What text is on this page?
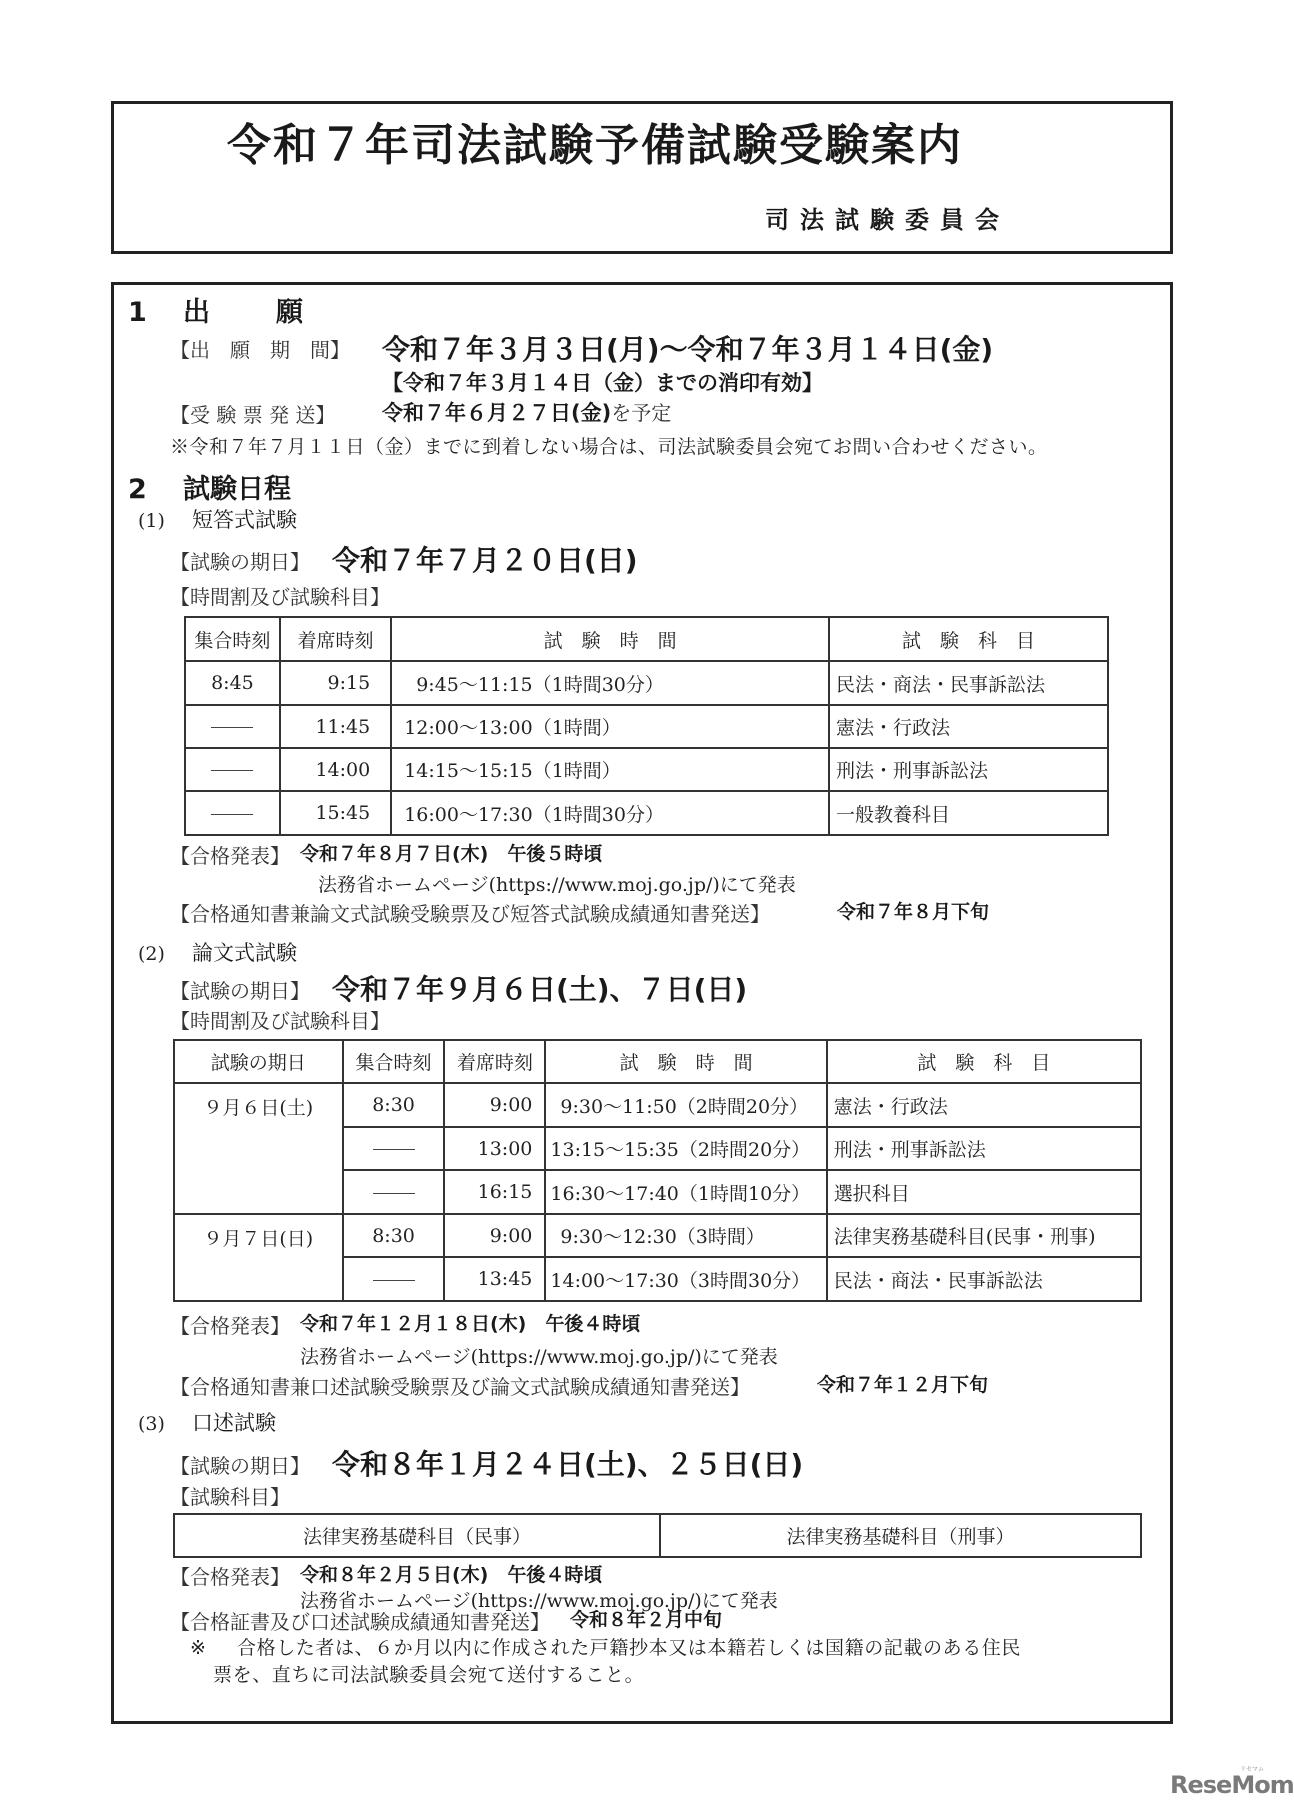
令和７年司法試験予備試験受験案内
司法試験委員会
1 出　　願
【出　願　期　間】 令和７年３月３日(月)～令和７年３月１４日(金)
【令和７年３月１４日（金）までの消印有効】
【受 験 票 発 送】 令和７年６月２７日(金)を予定
※令和７年７月１１日（金）までに到着しない場合は、司法試験委員会宛てお問い合わせください。
2 試験日程
(1) 短答式試験
【試験の期日】 令和７年７月２０日(日)
【時間割及び試験科目】
集合時刻	着席時刻	試　験　時　間	試　験　科　目
8:45	9:15	9:45～11:15（1時間30分）	民法・商法・民事訴訟法
	11:45	12:00～13:00（1時間）	憲法・行政法
	14:00	14:15～15:15（1時間）	刑法・刑事訴訟法
	15:45	16:00～17:30（1時間30分）	一般教養科目
【合格発表】 令和７年８月７日(木)　午後５時頃
法務省ホームページ(https://www.moj.go.jp/)にて発表
【合格通知書兼論文式試験受験票及び短答式試験成績通知書発送】	令和７年８月下旬
(2) 論文式試験
【試験の期日】 令和７年９月６日(土)、７日(日)
【時間割及び試験科目】
試験の期日	集合時刻	着席時刻	試　験　時　間	試　験　科　目
９月６日(土)	8:30	9:00	9:30～11:50（2時間20分）	憲法・行政法
		13:00	13:15～15:35（2時間20分）	刑法・刑事訴訟法
		16:15	16:30～17:40（1時間10分）	選択科目
９月７日(日)	8:30	9:00	9:30～12:30（3時間）	法律実務基礎科目(民事・刑事)
		13:45	14:00～17:30（3時間30分）	民法・商法・民事訴訟法
【合格発表】 令和７年１２月１８日(木)　午後４時頃
法務省ホームページ(https://www.moj.go.jp/)にて発表
【合格通知書兼口述試験受験票及び論文式試験成績通知書発送】	令和７年１２月下旬
(3) 口述試験
【試験の期日】 令和８年１月２４日(土)、２５日(日)
【試験科目】
法律実務基礎科目（民事）	法律実務基礎科目（刑事）
【合格発表】 令和８年２月５日(木)　午後４時頃
法務省ホームページ(https://www.moj.go.jp/)にて発表
【合格証書及び口述試験成績通知書発送】 令和８年２月中旬
※ 合格した者は、６か月以内に作成された戸籍抄本又は本籍若しくは国籍の記載のある住民
票を、直ちに司法試験委員会宛て送付すること。
リセマム
ReseMom
